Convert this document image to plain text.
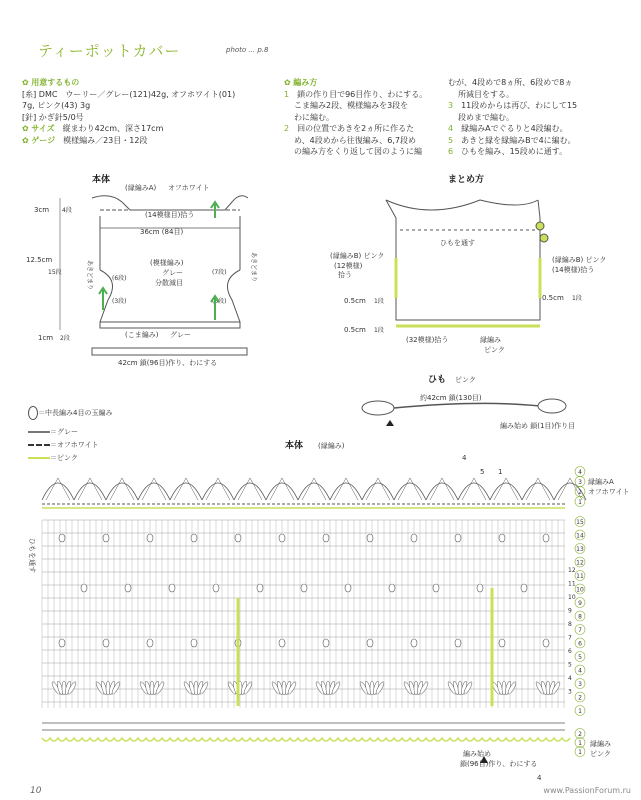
ティーポットカバー	photo ... p.8
✿ 用意するもの
[糸] DMC　ウーリー／グレー(121)42g, オフホワイト(01)
7g, ピンク(43) 3g
[針] かぎ針5/0号
✿ サイズ　 縦まわり42cm、深さ17cm
✿ ゲージ　 模様編み／23目・12段
✿ 編み方
1　 鎖の作り目で96目作り、わにする。
こま編み2段、模様編みを3段を
わに編む。
2　 回の位置であきを2ヵ所に作るた
め、4段めから往復編み、6,7段め
の編み方をくり返して図のように編
むが、4段めで8ヵ所、6段めで8ヵ
所減目をする。
3　 11段めからは再び、わにして15
段めまで編む。
4　 縁編みAでぐるりと4段編む。
5　 あきと縁を縁編みBで4に編む。
6　 ひもを編み、15段めに通す。
本体
(縁編みA) オフホワイト
(14模様目)拾う
36cm (84目)
(模様編み)
グレー
分散減目
あきどまり	あきどまり
(6段)
(7段)
(3段)	(3段)
(こま編み) グレー
42cm 鎖(96目)作り、わにする
3cm 4段
12.5cm
15段
1cm 2段
まとめ方
ひもを通す
(縁編みB) ピンク
(12模様)
拾う
(縁編みB) ピンク
(14模様)拾う
0.5cm 1段	0.5cm 1段
0.5cm 1段
(32模様)拾う	縁編み
ピンク
ひも ピンク
約42cm 鎖(130目)
編み始め 鎖(1目)作り目
＝中長編み4目の玉編み
＝グレー
＝オフホワイト
＝ピンク
本体 (縁編み)
4
5 1	4
3
2
1
15
14
13
12
11
10
9
8
7
6
5
4
3
2
1
2
1
1
12
11
10
9
8
7
6
5
4
3
縁編みA
オフホワイト
縁編み
ピンク
ひもを通す
編み始め
鎖(96目)作り、わにする
4
10	www.PassionForum.ru
